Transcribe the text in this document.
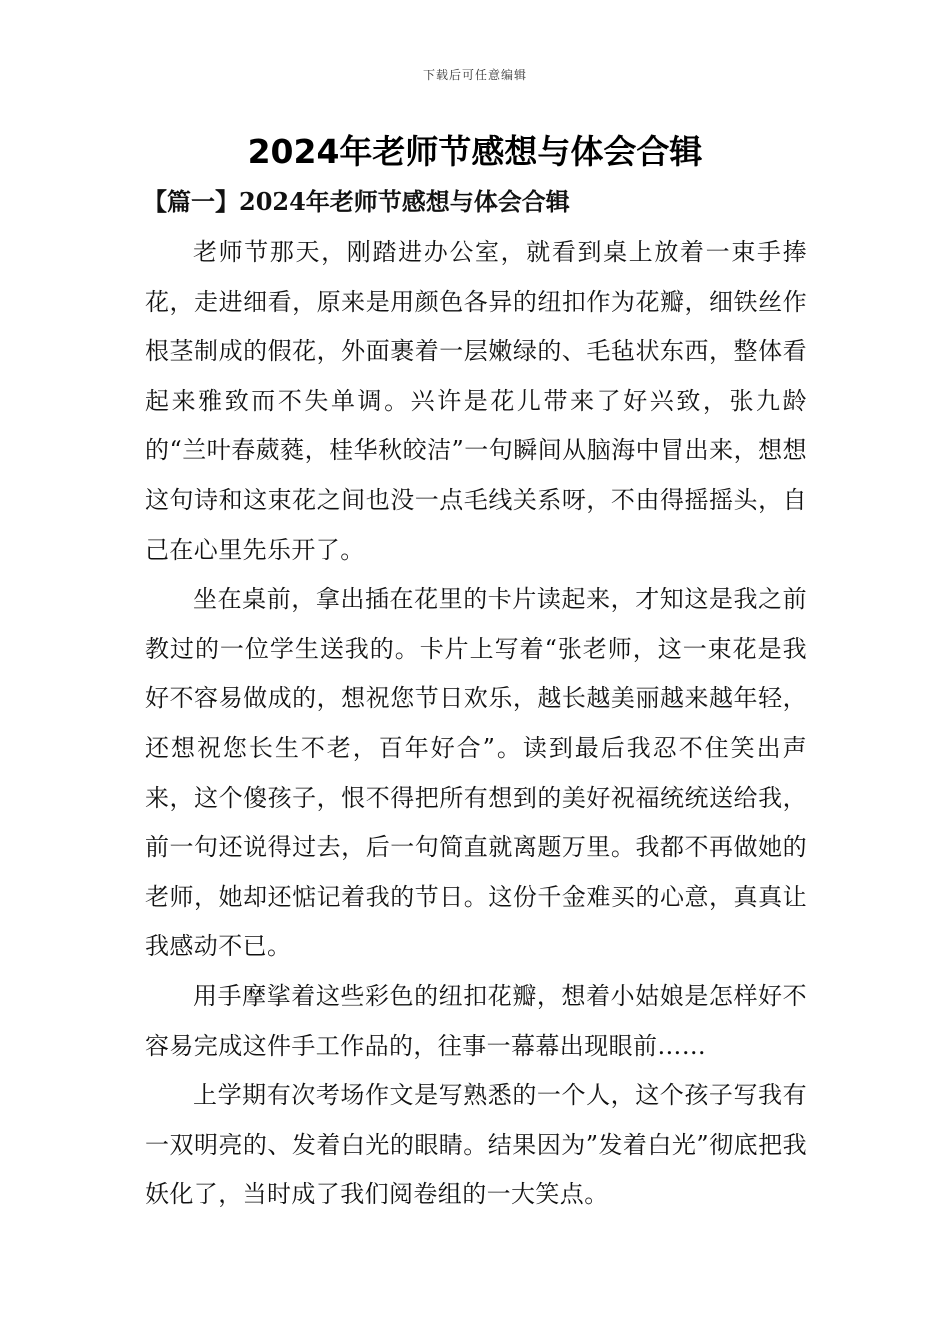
下载后可任意编辑
2024年老师节感想与体会合辑
【篇一】2024年老师节感想与体会合辑

老师节那天，刚踏进办公室，就看到桌上放着一束手捧花，走进细看，原来是用颜色各异的纽扣作为花瓣，细铁丝作根茎制成的假花，外面裹着一层嫩绿的、毛毡状东西，整体看起来雅致而不失单调。兴许是花儿带来了好兴致，张九龄的“兰叶春葳蕤，桂华秋皎洁”一句瞬间从脑海中冒出来，想想这句诗和这束花之间也没一点毛线关系呀，不由得摇摇头，自己在心里先乐开了。

坐在桌前，拿出插在花里的卡片读起来，才知这是我之前教过的一位学生送我的。卡片上写着“张老师，这一束花是我好不容易做成的，想祝您节日欢乐，越长越美丽越来越年轻，还想祝您长生不老，百年好合”。读到最后我忍不住笑出声来，这个傻孩子，恨不得把所有想到的美好祝福统统送给我，前一句还说得过去，后一句简直就离题万里。我都不再做她的老师，她却还惦记着我的节日。这份千金难买的心意，真真让我感动不已。

用手摩挲着这些彩色的纽扣花瓣，想着小姑娘是怎样好不容易完成这件手工作品的，往事一幕幕出现眼前……

上学期有次考场作文是写熟悉的一个人，这个孩子写我有一双明亮的、发着白光的眼睛。结果因为”发着白光”彻底把我妖化了，当时成了我们阅卷组的一大笑点。
